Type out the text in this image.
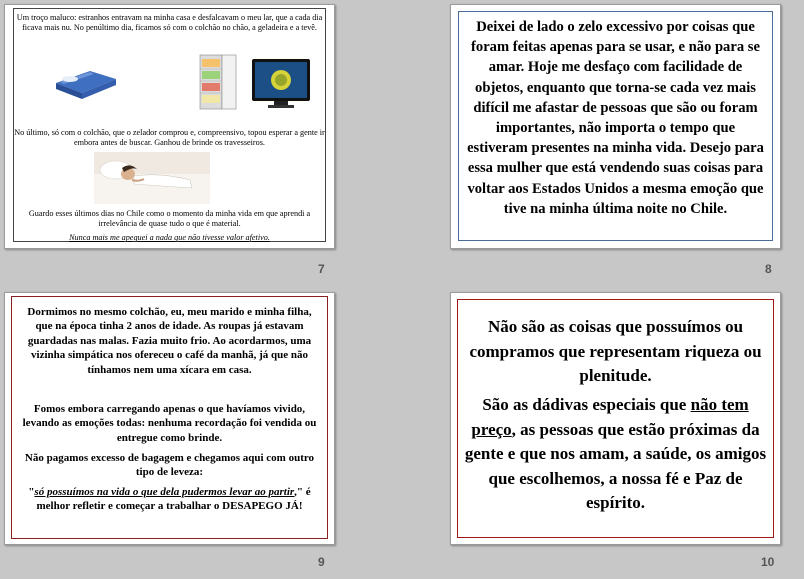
Um troço maluco: estranhos entravam na minha casa e desfalcavam o meu lar, que a cada dia ficava mais nu. No penúltimo dia, ficamos só com o colchão no chão, a geladeira e a tevê.
No último, só com o colchão, que o zelador comprou e, compreensivo, topou esperar a gente ir embora antes de buscar. Ganhou de brinde os travesseiros.
Guardo esses últimos dias no Chile como o momento da minha vida em que aprendi a irrelevância de quase tudo o que é material.
Nunca mais me apeguei a nada que não tivesse valor afetivo.
7
Deixei de lado o zelo excessivo por coisas que foram feitas apenas para se usar, e não para se amar. Hoje me desfaço com facilidade de objetos, enquanto que torna-se cada vez mais difícil me afastar de pessoas que são ou foram importantes, não importa o tempo que estiveram presentes na minha vida. Desejo para essa mulher que está vendendo suas coisas para voltar aos Estados Unidos a mesma emoção que tive na minha última noite no Chile.
8
Dormimos no mesmo colchão, eu, meu marido e minha filha, que na época tinha 2 anos de idade. As roupas já estavam guardadas nas malas. Fazia muito frio. Ao acordarmos, uma vizinha simpática nos ofereceu o café da manhã, já que não tínhamos nem uma xícara em casa.
Fomos embora carregando apenas o que havíamos vivido, levando as emoções todas: nenhuma recordação foi vendida ou entregue como brinde.
Não pagamos excesso de bagagem e chegamos aqui com outro tipo de leveza:
"só possuímos na vida o que dela pudermos levar ao partir," é melhor refletir e começar a trabalhar o DESAPEGO JÁ!
9
Não são as coisas que possuímos ou compramos que representam riqueza ou plenitude.
São as dádivas especiais que não tem preço, as pessoas que estão próximas da gente e que nos amam, a saúde, os amigos que escolhemos, a nossa fé e Paz de espírito.
10
